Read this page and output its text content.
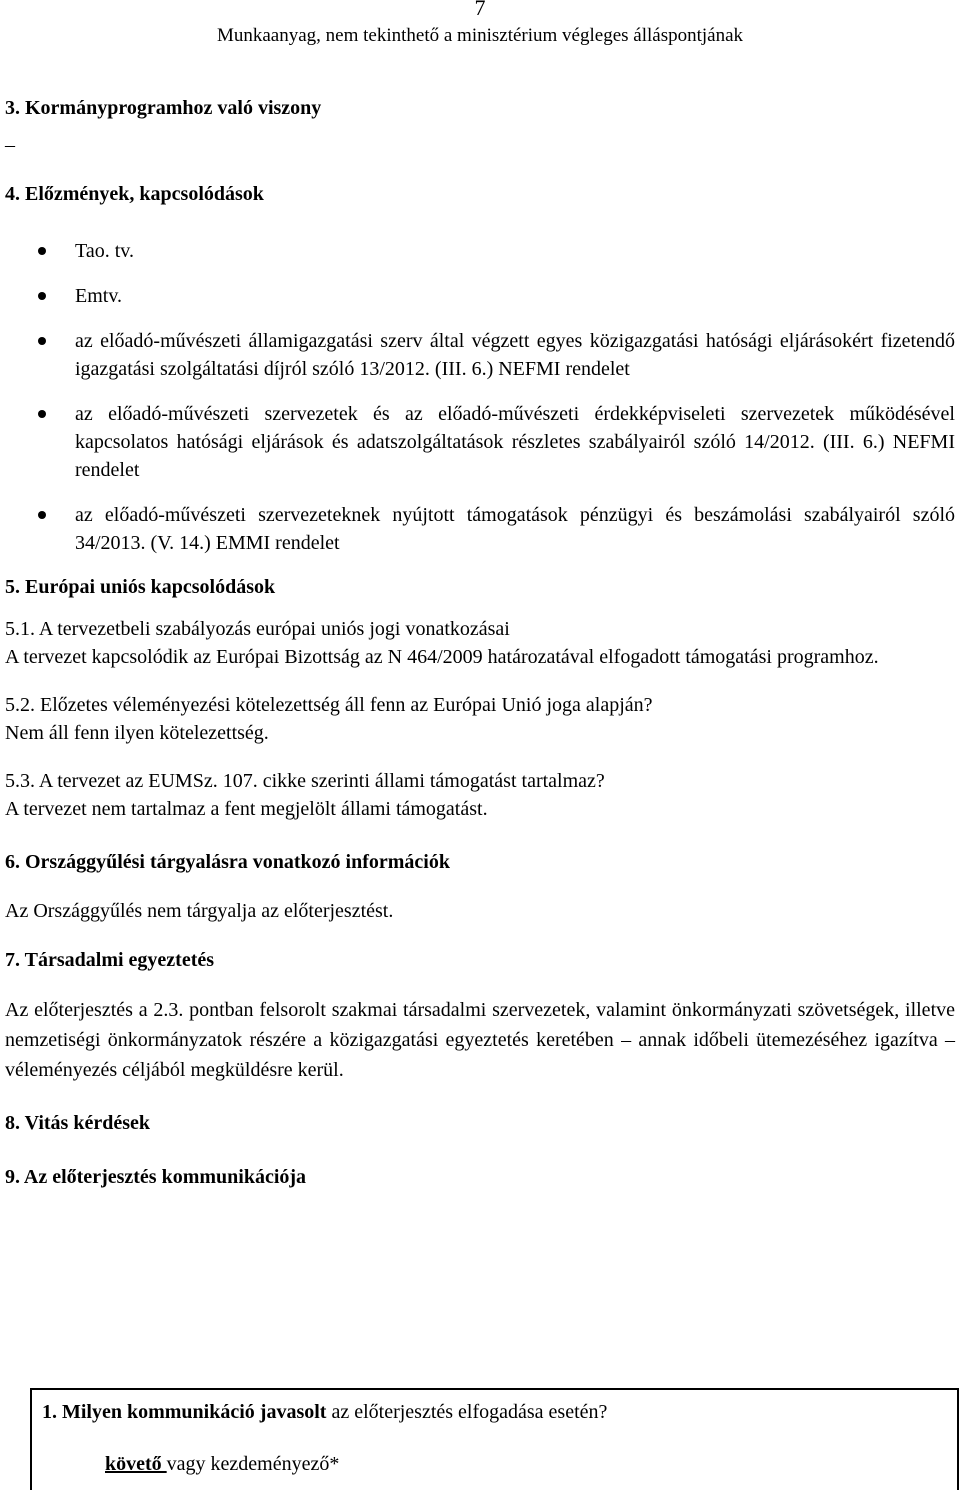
7
Munkaanyag, nem tekinthető a minisztérium végleges álláspontjának
3. Kormányprogramhoz való viszony

–

4. Előzmények, kapcsolódások
Tao. tv.
Emtv.
az előadó-művészeti államigazgatási szerv által végzett egyes közigazgatási hatósági eljárásokért fizetendő igazgatási szolgáltatási díjról szóló 13/2012. (III. 6.) NEFMI rendelet
az előadó-művészeti szervezetek és az előadó-művészeti érdekképviseleti szervezetek működésével kapcsolatos hatósági eljárások és adatszolgáltatások részletes szabályairól szóló 14/2012. (III. 6.) NEFMI rendelet
az előadó-művészeti szervezeteknek nyújtott támogatások pénzügyi és beszámolási szabályairól szóló 34/2013. (V. 14.) EMMI rendelet
5. Európai uniós kapcsolódások

5.1. A tervezetbeli szabályozás európai uniós jogi vonatkozásai

A tervezet kapcsolódik az Európai Bizottság az N 464/2009 határozatával elfogadott támogatási programhoz.

5.2. Előzetes véleményezési kötelezettség áll fenn az Európai Unió joga alapján?

Nem áll fenn ilyen kötelezettség.

5.3. A tervezet az EUMSz. 107. cikke szerinti állami támogatást tartalmaz?

A tervezet nem tartalmaz a fent megjelölt állami támogatást.

6. Országgyűlési tárgyalásra vonatkozó információk

Az Országgyűlés nem tárgyalja az előterjesztést.

7. Társadalmi egyeztetés

Az előterjesztés a 2.3. pontban felsorolt szakmai társadalmi szervezetek, valamint önkormányzati szövetségek, illetve nemzetiségi önkormányzatok részére a közigazgatási egyeztetés keretében – annak időbeli ütemezéséhez igazítva – véleményezés céljából megküldésre kerül.

8. Vitás kérdések
9. Az előterjesztés kommunikációja
1. Milyen kommunikáció javasolt az előterjesztés elfogadása esetén?
követő vagy kezdeményező*
